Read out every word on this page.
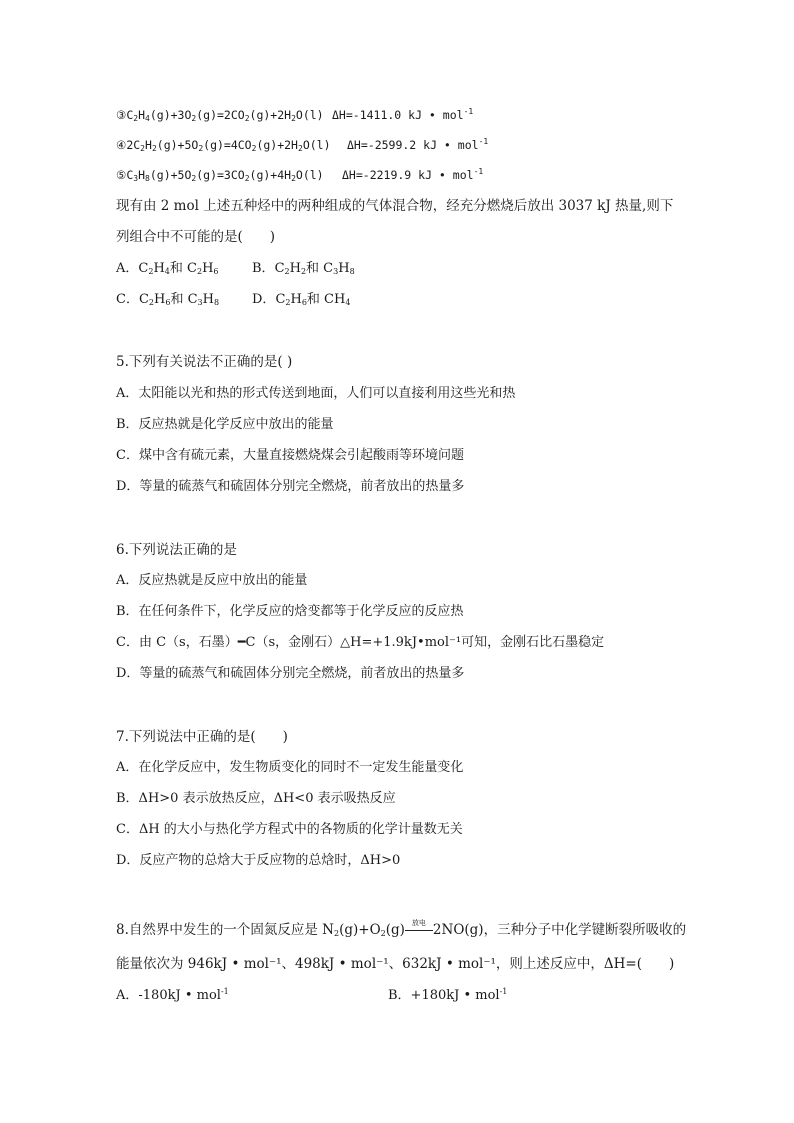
$③C_2H_4(g)+3O_2(g)=2CO_2(g)+2H_2O(l)$ ΔH=-1411.0 kJ • mol$^{-1}$
$④2C_2H_2(g)+5O_2(g)=4CO_2(g)+2H_2O(l)$ ΔH=-2599.2 kJ • mol$^{-1}$
$⑤C_3H_8(g)+5O_2(g)=3CO_2(g)+4H_2O(l)$ ΔH=-2219.9 kJ • mol$^{-1}$
现有由 2 mol 上述五种烃中的两种组成的气体混合物，经充分燃烧后放出 3037 kJ 热量,则下
列组合中不可能的是(　　)
A．$C_2H_4$和 $C_2H_6$	B．$C_2H_2$和 $C_3H_8$
C．$C_2H_6$和 $C_3H_8$	D．$C_2H_6$和 $CH_4$
5.下列有关说法不正确的是( )
A．太阳能以光和热的形式传送到地面，人们可以直接利用这些光和热
B．反应热就是化学反应中放出的能量
C．煤中含有硫元素，大量直接燃烧煤会引起酸雨等环境问题
D．等量的硫蒸气和硫固体分别完全燃烧，前者放出的热量多
6.下列说法正确的是
A．反应热就是反应中放出的能量
B．在任何条件下，化学反应的焓变都等于化学反应的反应热
C．由 C（s，石墨）━C（s，金刚石）△H=+1.9kJ•mol⁻¹可知，金刚石比石墨稳定
D．等量的硫蒸气和硫固体分别完全燃烧，前者放出的热量多
7.下列说法中正确的是(　　)
A．在化学反应中，发生物质变化的同时不一定发生能量变化
B．ΔH>0 表示放热反应，ΔH<0 表示吸热反应
C．ΔH 的大小与热化学方程式中的各物质的化学计量数无关
D．反应产物的总焓大于反应物的总焓时，ΔH>0
8.自然界中发生的一个固氮反应是 $N_2(g)+O_2(g)$	放电 2NO(g)，三种分子中化学键断裂所吸收的
能量依次为 946kJ • mol⁻¹、498kJ • mol⁻¹、632kJ • mol⁻¹，则上述反应中，ΔH=(　　)
A．-180kJ • mol$^{-1}$	B．+180kJ • mol$^{-1}$
